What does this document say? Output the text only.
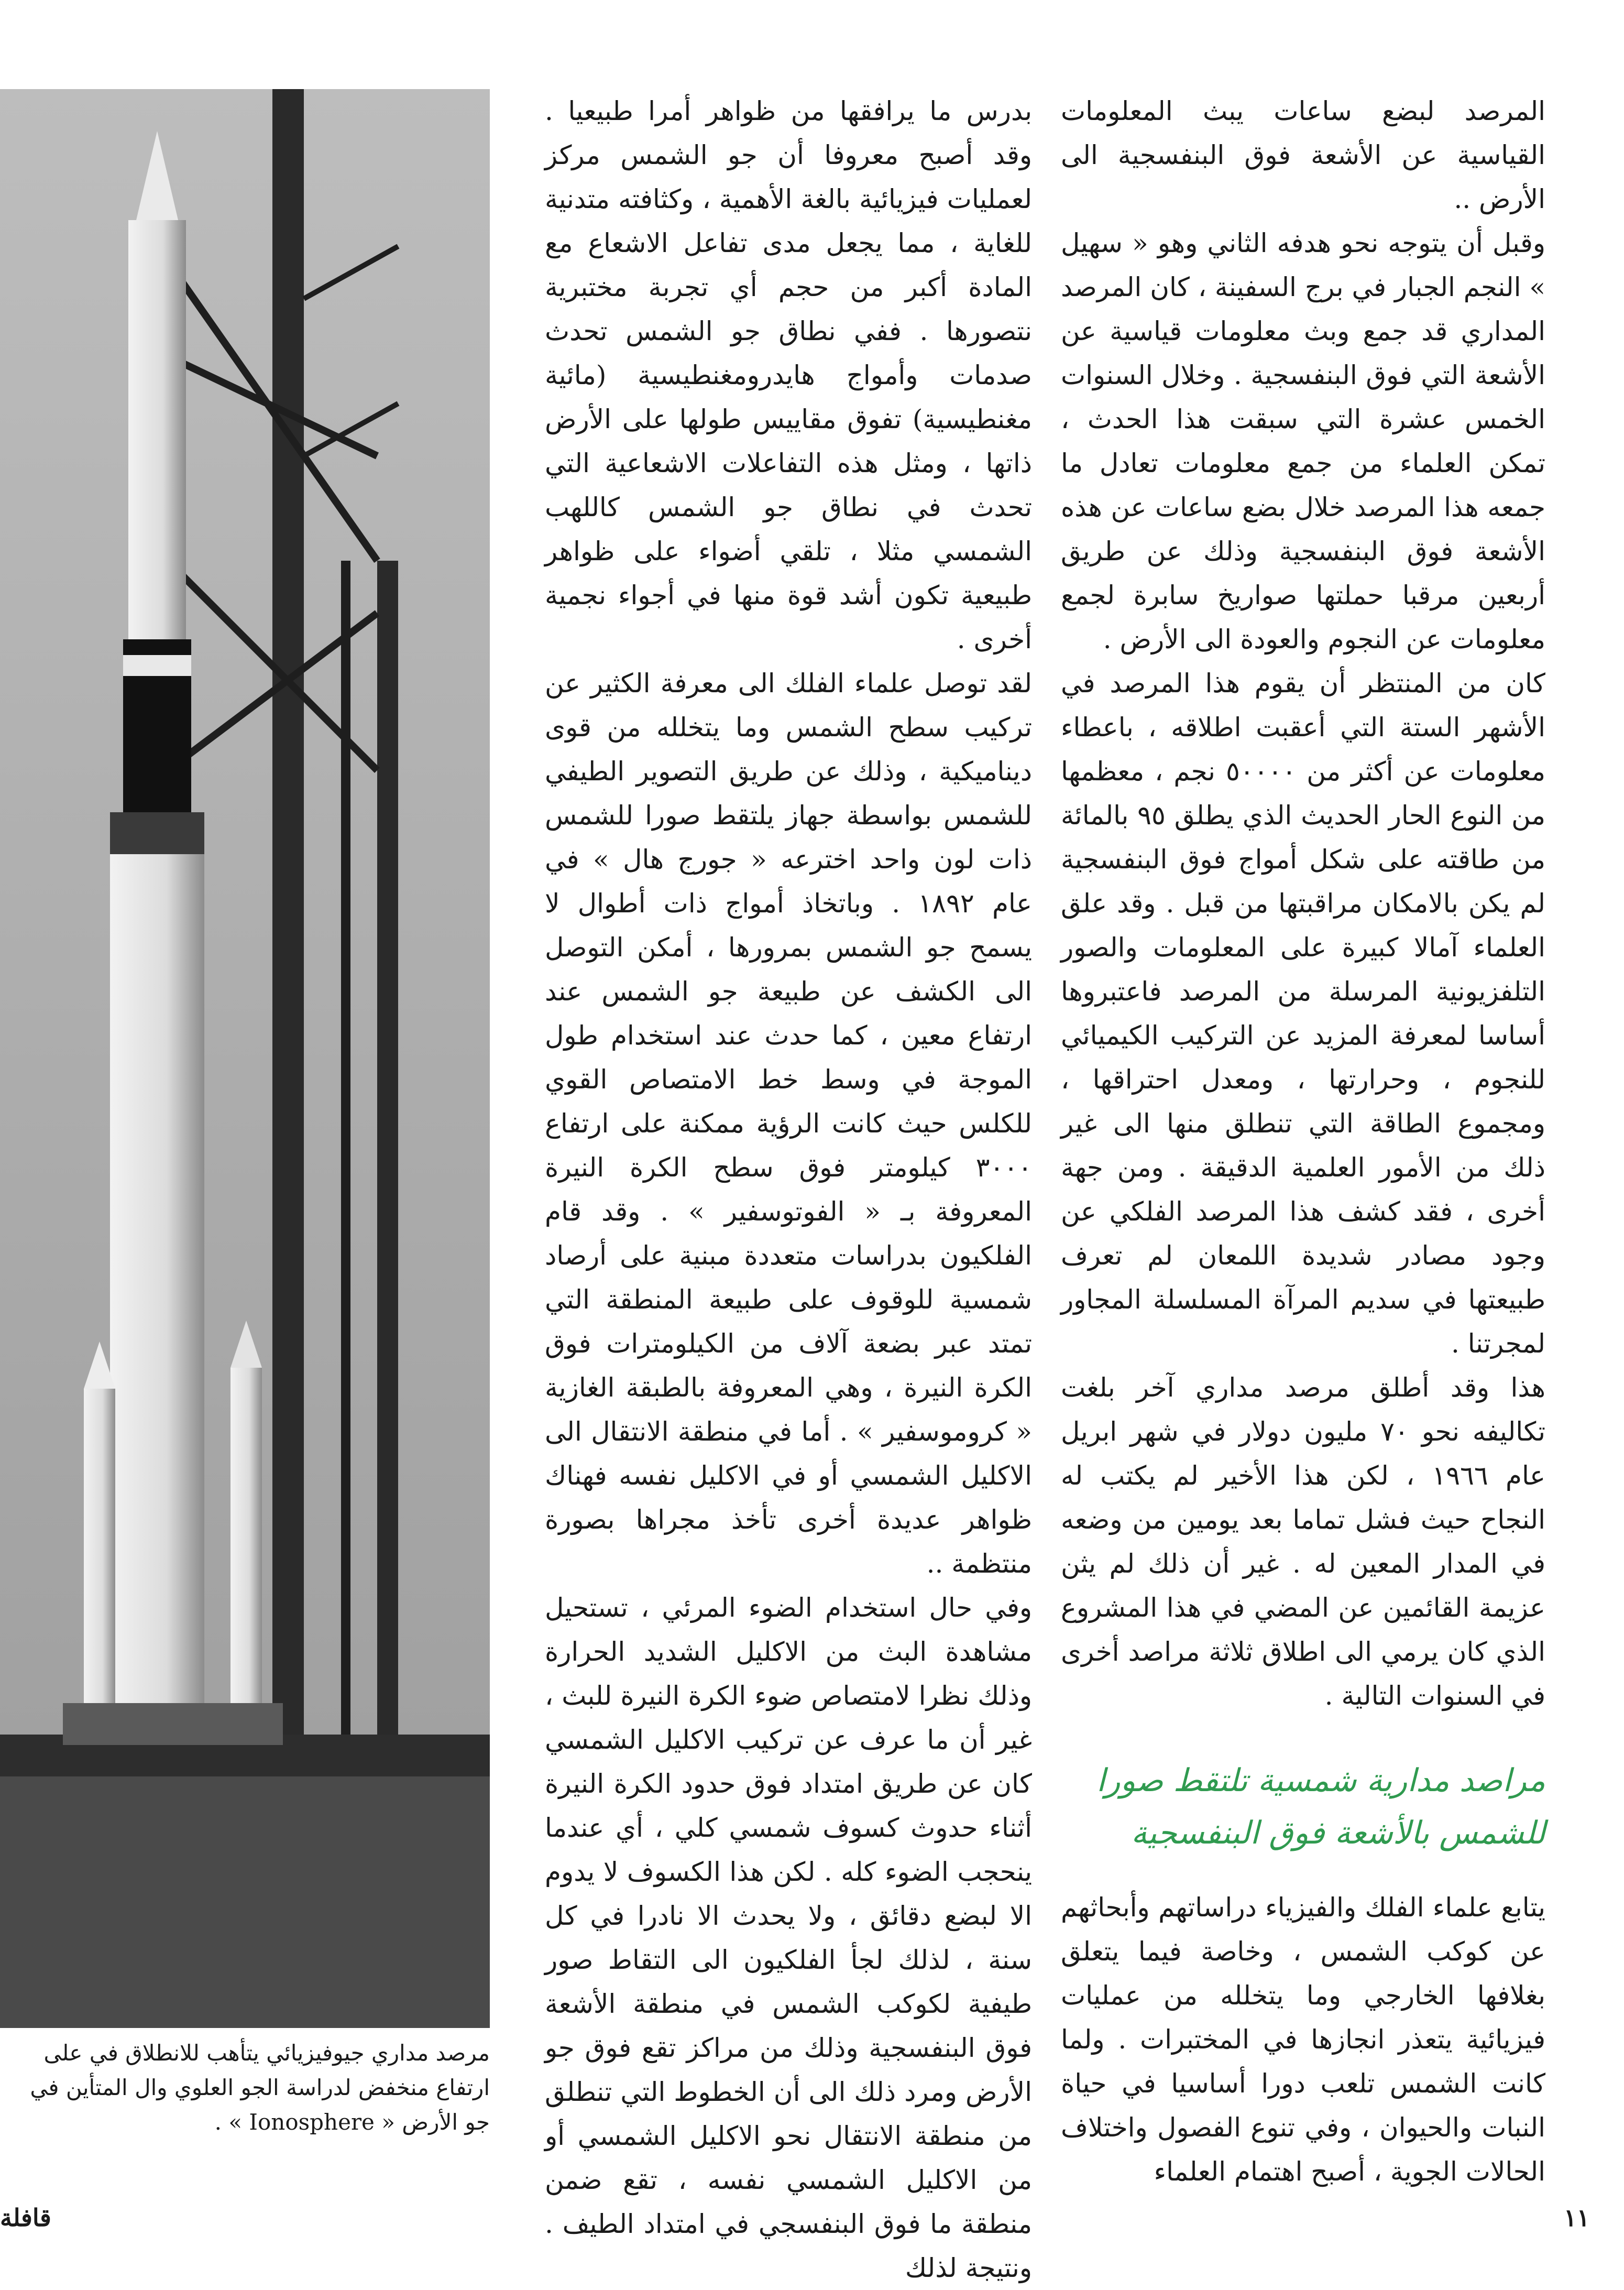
المرصد لبضع ساعات يبث المعلومات القياسية عن الأشعة فوق البنفسجية الى الأرض ..

وقبل أن يتوجه نحو هدفه الثاني وهو « سهيل » النجم الجبار في برج السفينة ، كان المرصد المداري قد جمع وبث معلومات قياسية عن الأشعة التي فوق البنفسجية . وخلال السنوات الخمس عشرة التي سبقت هذا الحدث ، تمكن العلماء من جمع معلومات تعادل ما جمعه هذا المرصد خلال بضع ساعات عن هذه الأشعة فوق البنفسجية وذلك عن طريق أربعين مرقبا حملتها صواريخ سابرة لجمع معلومات عن النجوم والعودة الى الأرض .

كان من المنتظر أن يقوم هذا المرصد في الأشهر الستة التي أعقبت اطلاقه ، باعطاء معلومات عن أكثر من ٥٠٠٠٠ نجم ، معظمها من النوع الحار الحديث الذي يطلق ٩٥ بالمائة من طاقته على شكل أمواج فوق البنفسجية لم يكن بالامكان مراقبتها من قبل . وقد علق العلماء آمالا كبيرة على المعلومات والصور التلفزيونية المرسلة من المرصد فاعتبروها أساسا لمعرفة المزيد عن التركيب الكيميائي للنجوم ، وحرارتها ، ومعدل احتراقها ، ومجموع الطاقة التي تنطلق منها الى غير ذلك من الأمور العلمية الدقيقة . ومن جهة أخرى ، فقد كشف هذا المرصد الفلكي عن وجود مصادر شديدة اللمعان لم تعرف طبيعتها في سديم المرآة المسلسلة المجاور لمجرتنا .

هذا وقد أطلق مرصد مداري آخر بلغت تكاليفه نحو ٧٠ مليون دولار في شهر ابريل عام ١٩٦٦ ، لكن هذا الأخير لم يكتب له النجاح حيث فشل تماما بعد يومين من وضعه في المدار المعين له . غير أن ذلك لم يثن عزيمة القائمين عن المضي في هذا المشروع الذي كان يرمي الى اطلاق ثلاثة مراصد أخرى في السنوات التالية .

مراصد مدارية شمسية تلتقط صورا للشمس بالأشعة فوق البنفسجية

يتابع علماء الفلك والفيزياء دراساتهم وأبحاثهم عن كوكب الشمس ، وخاصة فيما يتعلق بغلافها الخارجي وما يتخلله من عمليات فيزيائية يتعذر انجازها في المختبرات . ولما كانت الشمس تلعب دورا أساسيا في حياة النبات والحيوان ، وفي تنوع الفصول واختلاف الحالات الجوية ، أصبح اهتمام العلماء

بدرس ما يرافقها من ظواهر أمرا طبيعيا . وقد أصبح معروفا أن جو الشمس مركز لعمليات فيزيائية بالغة الأهمية ، وكثافته متدنية للغاية ، مما يجعل مدى تفاعل الاشعاع مع المادة أكبر من حجم أي تجربة مختبرية نتصورها . ففي نطاق جو الشمس تحدث صدمات وأمواج هايدرومغنطيسية (مائية مغنطيسية) تفوق مقاييس طولها على الأرض ذاتها ، ومثل هذه التفاعلات الاشعاعية التي تحدث في نطاق جو الشمس كاللهب الشمسي مثلا ، تلقي أضواء على ظواهر طبيعية تكون أشد قوة منها في أجواء نجمية أخرى .

لقد توصل علماء الفلك الى معرفة الكثير عن تركيب سطح الشمس وما يتخلله من قوى ديناميكية ، وذلك عن طريق التصوير الطيفي للشمس بواسطة جهاز يلتقط صورا للشمس ذات لون واحد اخترعه « جورج هال » في عام ١٨٩٢ . وباتخاذ أمواج ذات أطوال لا يسمح جو الشمس بمرورها ، أمكن التوصل الى الكشف عن طبيعة جو الشمس عند ارتفاع معين ، كما حدث عند استخدام طول الموجة في وسط خط الامتصاص القوي للكلس حيث كانت الرؤية ممكنة على ارتفاع ٣٠٠٠ كيلومتر فوق سطح الكرة النيرة المعروفة بـ « الفوتوسفير » . وقد قام الفلكيون بدراسات متعددة مبنية على أرصاد شمسية للوقوف على طبيعة المنطقة التي تمتد عبر بضعة آلاف من الكيلومترات فوق الكرة النيرة ، وهي المعروفة بالطبقة الغازية « كروموسفير » . أما في منطقة الانتقال الى الاكليل الشمسي أو في الاكليل نفسه فهناك ظواهر عديدة أخرى تأخذ مجراها بصورة منتظمة ..

وفي حال استخدام الضوء المرئي ، تستحيل مشاهدة البث من الاكليل الشديد الحرارة وذلك نظرا لامتصاص ضوء الكرة النيرة للبث ، غير أن ما عرف عن تركيب الاكليل الشمسي كان عن طريق امتداد فوق حدود الكرة النيرة أثناء حدوث كسوف شمسي كلي ، أي عندما ينحجب الضوء كله . لكن هذا الكسوف لا يدوم الا لبضع دقائق ، ولا يحدث الا نادرا في كل سنة ، لذلك لجأ الفلكيون الى التقاط صور طيفية لكوكب الشمس في منطقة الأشعة فوق البنفسجية وذلك من مراكز تقع فوق جو الأرض ومرد ذلك الى أن الخطوط التي تنطلق من منطقة الانتقال نحو الاكليل الشمسي أو من الاكليل الشمسي نفسه ، تقع ضمن منطقة ما فوق البنفسجي في امتداد الطيف . ونتيجة لذلك

مرصد مداري جيوفيزيائي يتأهب للانطلاق في على ارتفاع منخفض لدراسة الجو العلوي وال المتأين في جو الأرض « Ionosphere » .
١١
قافلة
